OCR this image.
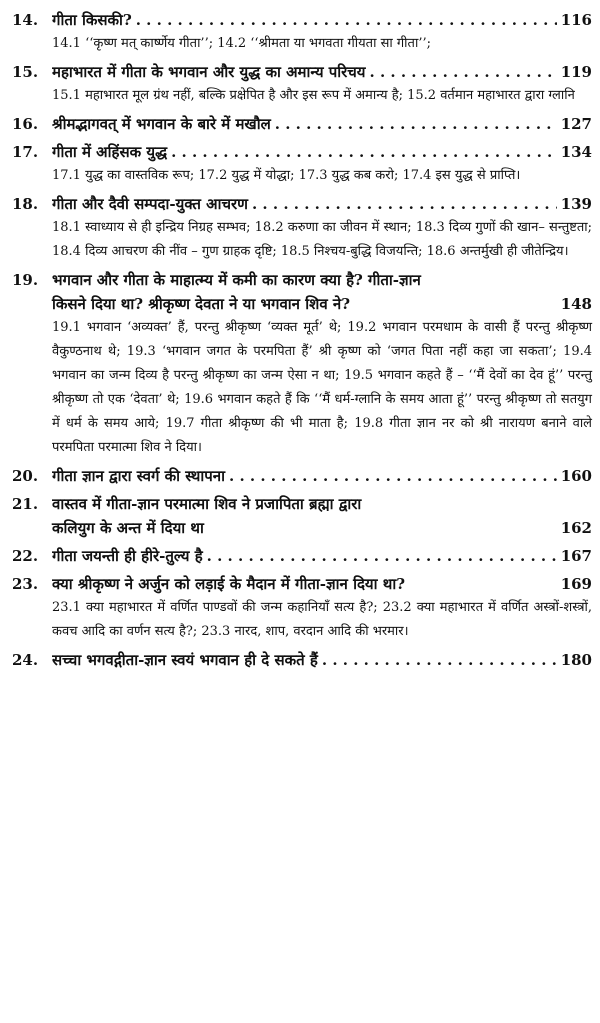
14. गीता किसकी? . . .	116
14.1 ‘‘कृष्ण मत् कार्ष्णेय गीता’’; 14.2 ‘‘श्रीमता या भगवता गीयता सा गीता’’;
15. महाभारत में गीता के भगवान और युद्ध का अमान्य परिचय . . .	119
15.1 महाभारत मूल ग्रंथ नहीं, बल्कि प्रक्षेपित है और इस रूप में अमान्य है; 15.2 वर्तमान महाभारत द्वारा ग्लानि
16. श्रीमद्भागवत् में भगवान के बारे में मखौल . . .	127
17. गीता में अहिंसक युद्ध . . .	134
17.1 युद्ध का वास्तविक रूप; 17.2 युद्ध में योद्धा; 17.3 युद्ध कब करो; 17.4 इस युद्ध से प्राप्ति।
18. गीता और दैवी सम्पदा-युक्त आचरण . . .	139
18.1 स्वाध्याय से ही इन्द्रिय निग्रह सम्भव; 18.2 करुणा का जीवन में स्थान; 18.3 दिव्य गुणों की खान– सन्तुष्टता; 18.4 दिव्य आचरण की नींव – गुण ग्राहक दृष्टि; 18.5 निश्चय-बुद्धि विजयन्ति; 18.6 अन्तर्मुखी ही जीतेन्द्रिय।
19. भगवान और गीता के माहात्म्य में कमी का कारण क्या है? गीता-ज्ञान
किसने दिया था? श्रीकृष्ण देवता ने या भगवान शिव ने?	148
19.1 भगवान ‘अव्यक्त’ हैं, परन्तु श्रीकृष्ण ‘व्यक्त मूर्त’ थे; 19.2 भगवान परमधाम के वासी हैं परन्तु श्रीकृष्ण वैकुण्ठनाथ थे; 19.3 ‘भगवान जगत के परमपिता हैं’ श्री कृष्ण को ‘जगत पिता नहीं कहा जा सकता’; 19.4 भगवान का जन्म दिव्य है परन्तु श्रीकृष्ण का जन्म ऐसा न था; 19.5 भगवान कहते हैं – ‘‘मैं देवों का देव हूं’’ परन्तु श्रीकृष्ण तो एक ‘देवता’ थे; 19.6 भगवान कहते हैं कि ‘‘मैं धर्म-ग्लानि के समय आता हूं’’ परन्तु श्रीकृष्ण तो सतयुग में धर्म के समय आये; 19.7 गीता श्रीकृष्ण की भी माता है; 19.8 गीता ज्ञान नर को श्री नारायण बनाने वाले परमपिता परमात्मा शिव ने दिया।
20. गीता ज्ञान द्वारा स्वर्ग की स्थापना . . .	160
21. वास्तव में गीता-ज्ञान परमात्मा शिव ने प्रजापिता ब्रह्मा द्वारा
कलियुग के अन्त में दिया था	162
22. गीता जयन्ती ही हीरे-तुल्य है . . .	167
23. क्या श्रीकृष्ण ने अर्जुन को लड़ाई के मैदान में गीता-ज्ञान दिया था?	169
23.1 क्या महाभारत में वर्णित पाण्डवों की जन्म कहानियाँ सत्य है?; 23.2 क्या महाभारत में वर्णित अस्त्रों-शस्त्रों, कवच आदि का वर्णन सत्य है?; 23.3 नारद, शाप, वरदान आदि की भरमार।
24. सच्चा भगवद्गीता-ज्ञान स्वयं भगवान ही दे सकते हैं . . .	180
